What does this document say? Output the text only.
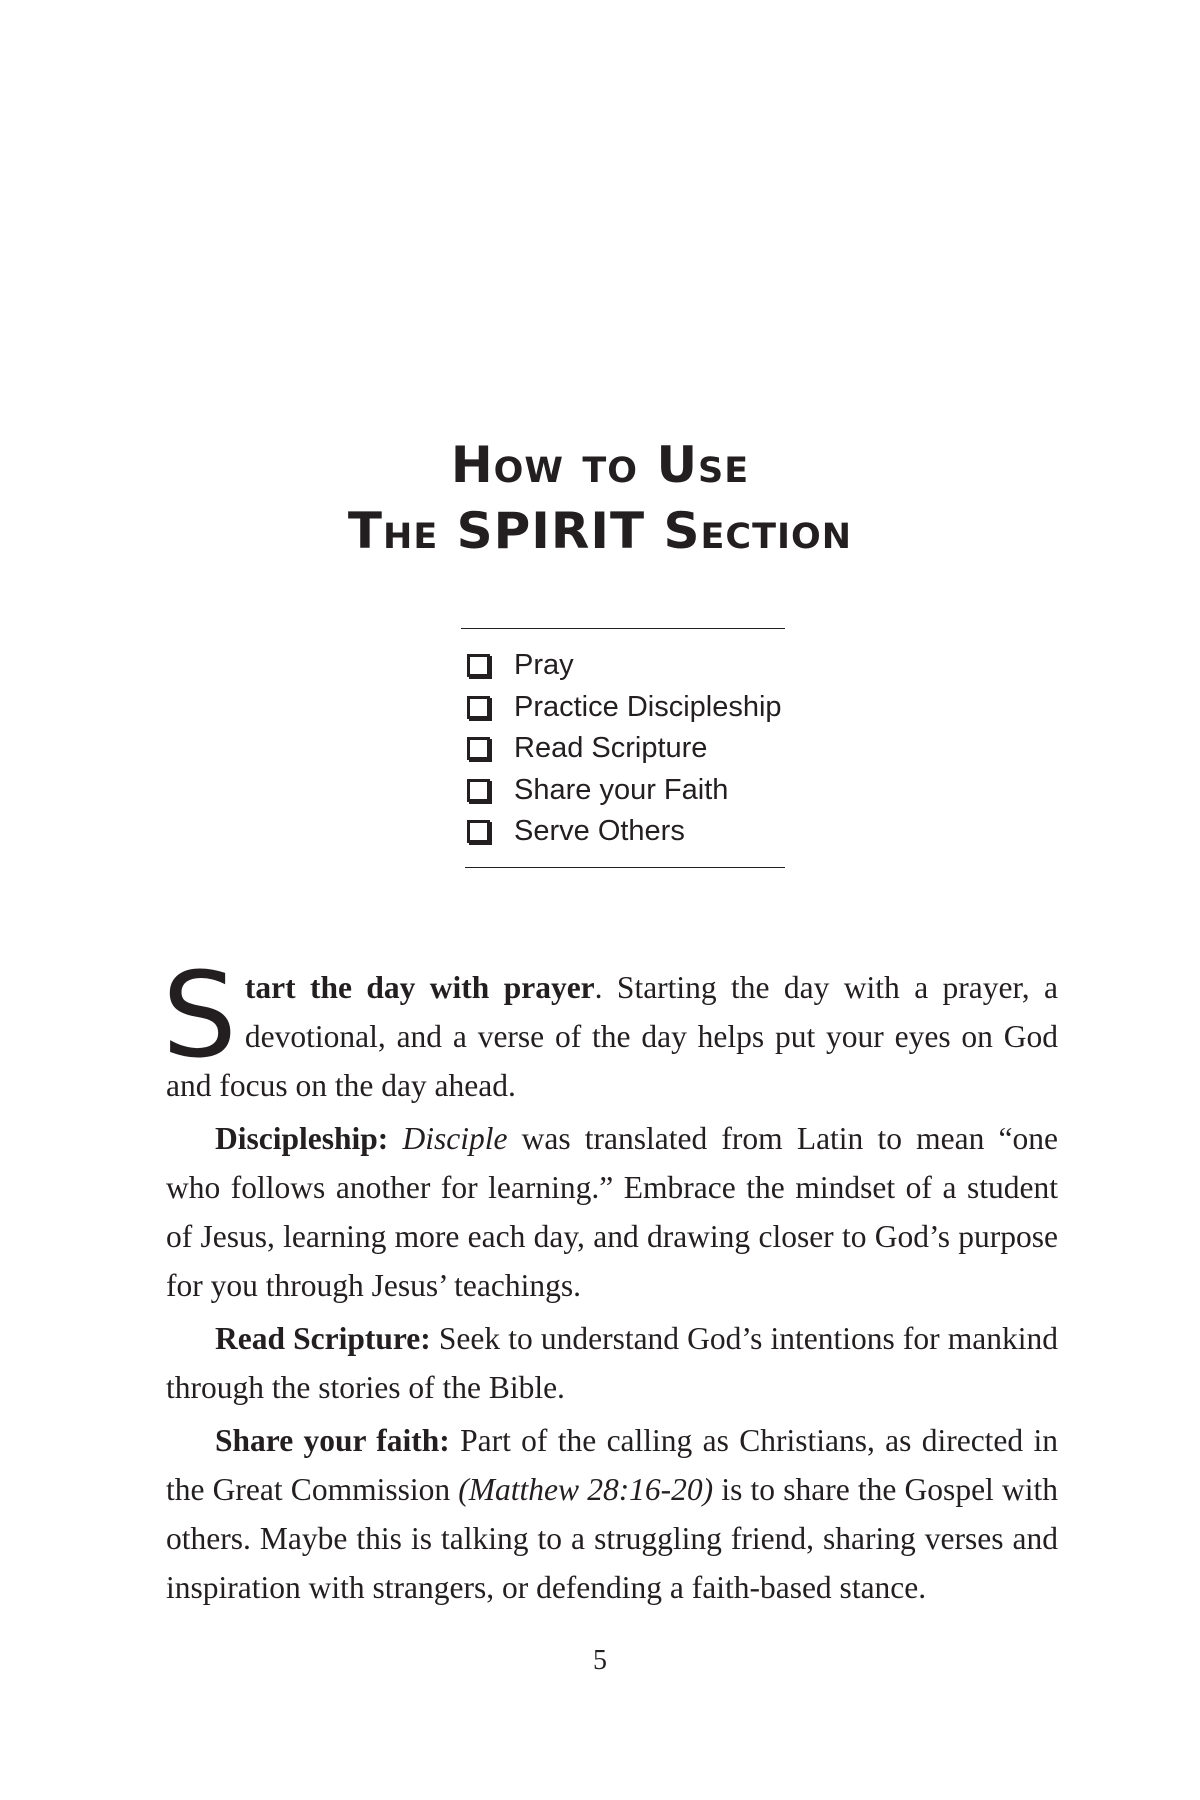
How to Use
The SPIRIT Section
Pray
Practice Discipleship
Read Scripture
Share your Faith
Serve Others

Start the day with prayer. Starting the day with a prayer, a devotional, and a verse of the day helps put your eyes on God and focus on the day ahead.

Discipleship: Disciple was translated from Latin to mean “one who follows another for learning.” Embrace the mindset of a student of Jesus, learning more each day, and drawing closer to God’s purpose for you through Jesus’ teachings.

Read Scripture: Seek to understand God’s intentions for mankind through the stories of the Bible.

Share your faith: Part of the calling as Christians, as directed in the Great Commission (Matthew 28:16-20) is to share the Gospel with others. Maybe this is talking to a struggling friend, sharing verses and inspiration with strangers, or defending a faith-based stance.

5
